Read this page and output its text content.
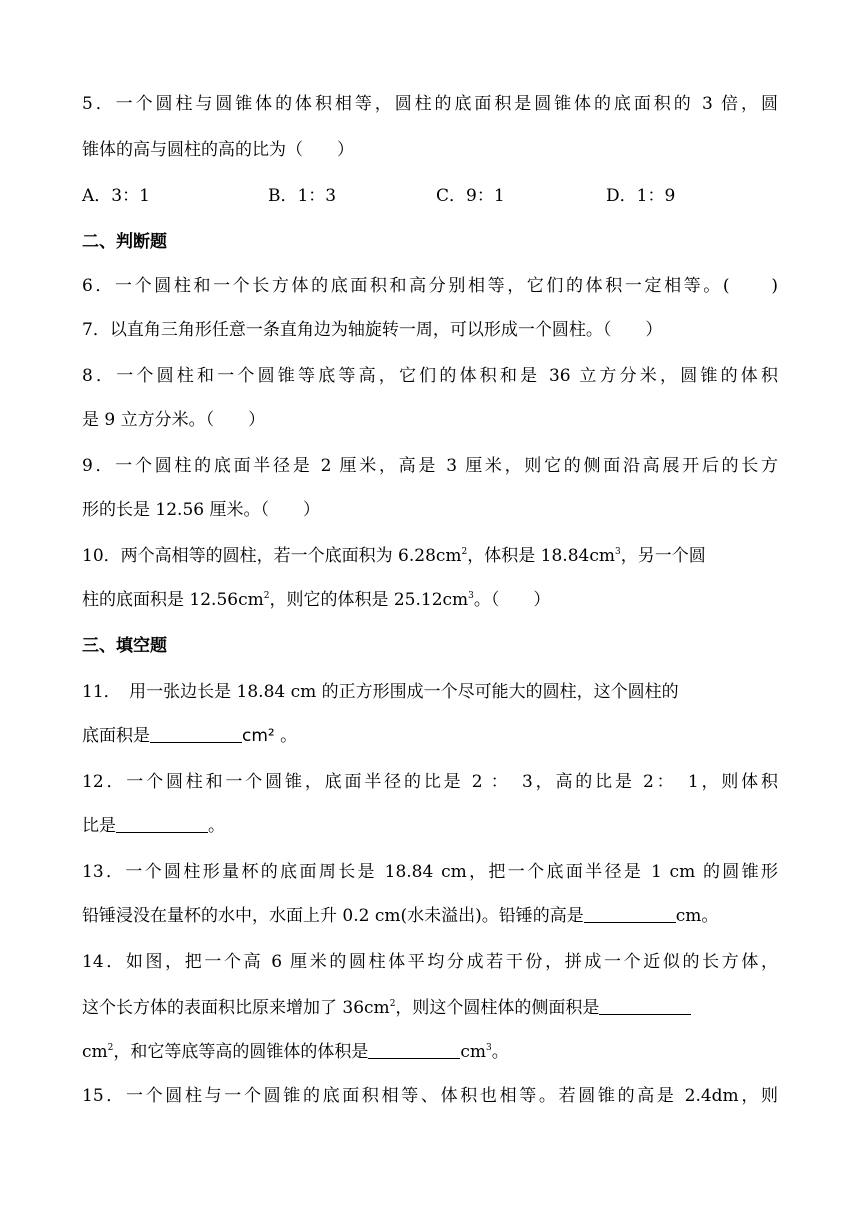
5．一个圆柱与圆锥体的体积相等，圆柱的底面积是圆锥体的底面积的 3 倍，圆
锥体的高与圆柱的高的比为（　　）
A．3：1	B．1：3	C．9：1	D．1：9
二、判断题
6．一个圆柱和一个长方体的底面积和高分别相等，它们的体积一定相等。(　　)
7．以直角三角形任意一条直角边为轴旋转一周，可以形成一个圆柱。（　　）
8．一个圆柱和一个圆锥等底等高，它们的体积和是 36 立方分米，圆锥的体积
是 9 立方分米。（　　）
9．一个圆柱的底面半径是 2 厘米，高是 3 厘米，则它的侧面沿高展开后的长方
形的长是 12.56 厘米。（　　）
10．两个高相等的圆柱，若一个底面积为 $6.28cm^2$，体积是 $18.84cm^3$，另一个圆
柱的底面积是 $12.56cm^2$，则它的体积是 $25.12cm^3$。（　　）
三、填空题
11．　用一张边长是 18.84 cm 的正方形围成一个尽可能大的圆柱，这个圆柱的
底面积是	cm² 。
12．一个圆柱和一个圆锥，底面半径的比是 2 ：　3，高的比是 2：　1，则体积
比是	。
13．一个圆柱形量杯的底面周长是 18.84 cm，把一个底面半径是 1 cm 的圆锥形
铅锤浸没在量杯的水中，水面上升 0.2 cm(水未溢出)。铅锤的高是	cm。
14．如图，把一个高 6 厘米的圆柱体平均分成若干份，拼成一个近似的长方体，
这个长方体的表面积比原来增加了 $36cm^2$，则这个圆柱体的侧面积是
$cm^2$，和它等底等高的圆锥体的体积是	$cm^3$。
15．一个圆柱与一个圆锥的底面积相等、体积也相等。若圆锥的高是 2.4dm，则
